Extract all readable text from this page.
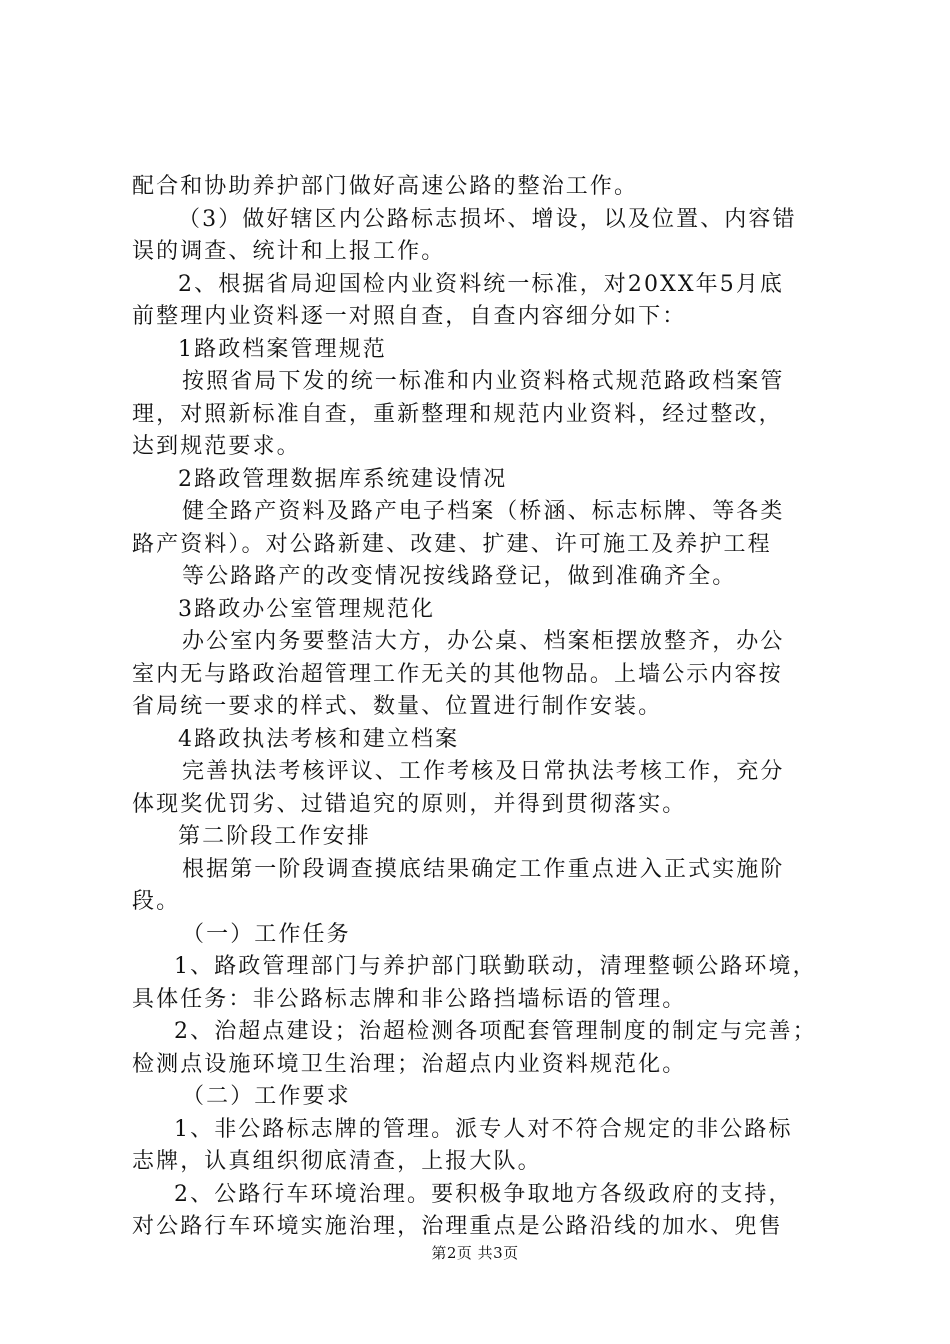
配合和协助养护部门做好高速公路的整治工作。
（3）做好辖区内公路标志损坏、增设，以及位置、内容错
误的调查、统计和上报工作。
2、根据省局迎国检内业资料统一标准，对20XX年5月底
前整理内业资料逐一对照自查，自查内容细分如下：
1路政档案管理规范
按照省局下发的统一标准和内业资料格式规范路政档案管
理，对照新标准自查，重新整理和规范内业资料，经过整改，
达到规范要求。
2路政管理数据库系统建设情况
健全路产资料及路产电子档案（桥涵、标志标牌、等各类
路产资料）。对公路新建、改建、扩建、许可施工及养护工程
等公路路产的改变情况按线路登记，做到准确齐全。
3路政办公室管理规范化
办公室内务要整洁大方，办公桌、档案柜摆放整齐，办公
室内无与路政治超管理工作无关的其他物品。上墙公示内容按
省局统一要求的样式、数量、位置进行制作安装。
4路政执法考核和建立档案
完善执法考核评议、工作考核及日常执法考核工作，充分
体现奖优罚劣、过错追究的原则，并得到贯彻落实。
第二阶段工作安排
根据第一阶段调查摸底结果确定工作重点进入正式实施阶
段。
（一）工作任务
1、路政管理部门与养护部门联勤联动，清理整顿公路环境，
具体任务：非公路标志牌和非公路挡墙标语的管理。
2、治超点建设；治超检测各项配套管理制度的制定与完善；
检测点设施环境卫生治理；治超点内业资料规范化。
（二）工作要求
1、非公路标志牌的管理。派专人对不符合规定的非公路标
志牌，认真组织彻底清查，上报大队。
2、公路行车环境治理。要积极争取地方各级政府的支持，
对公路行车环境实施治理，治理重点是公路沿线的加水、兜售
第2页 共3页
